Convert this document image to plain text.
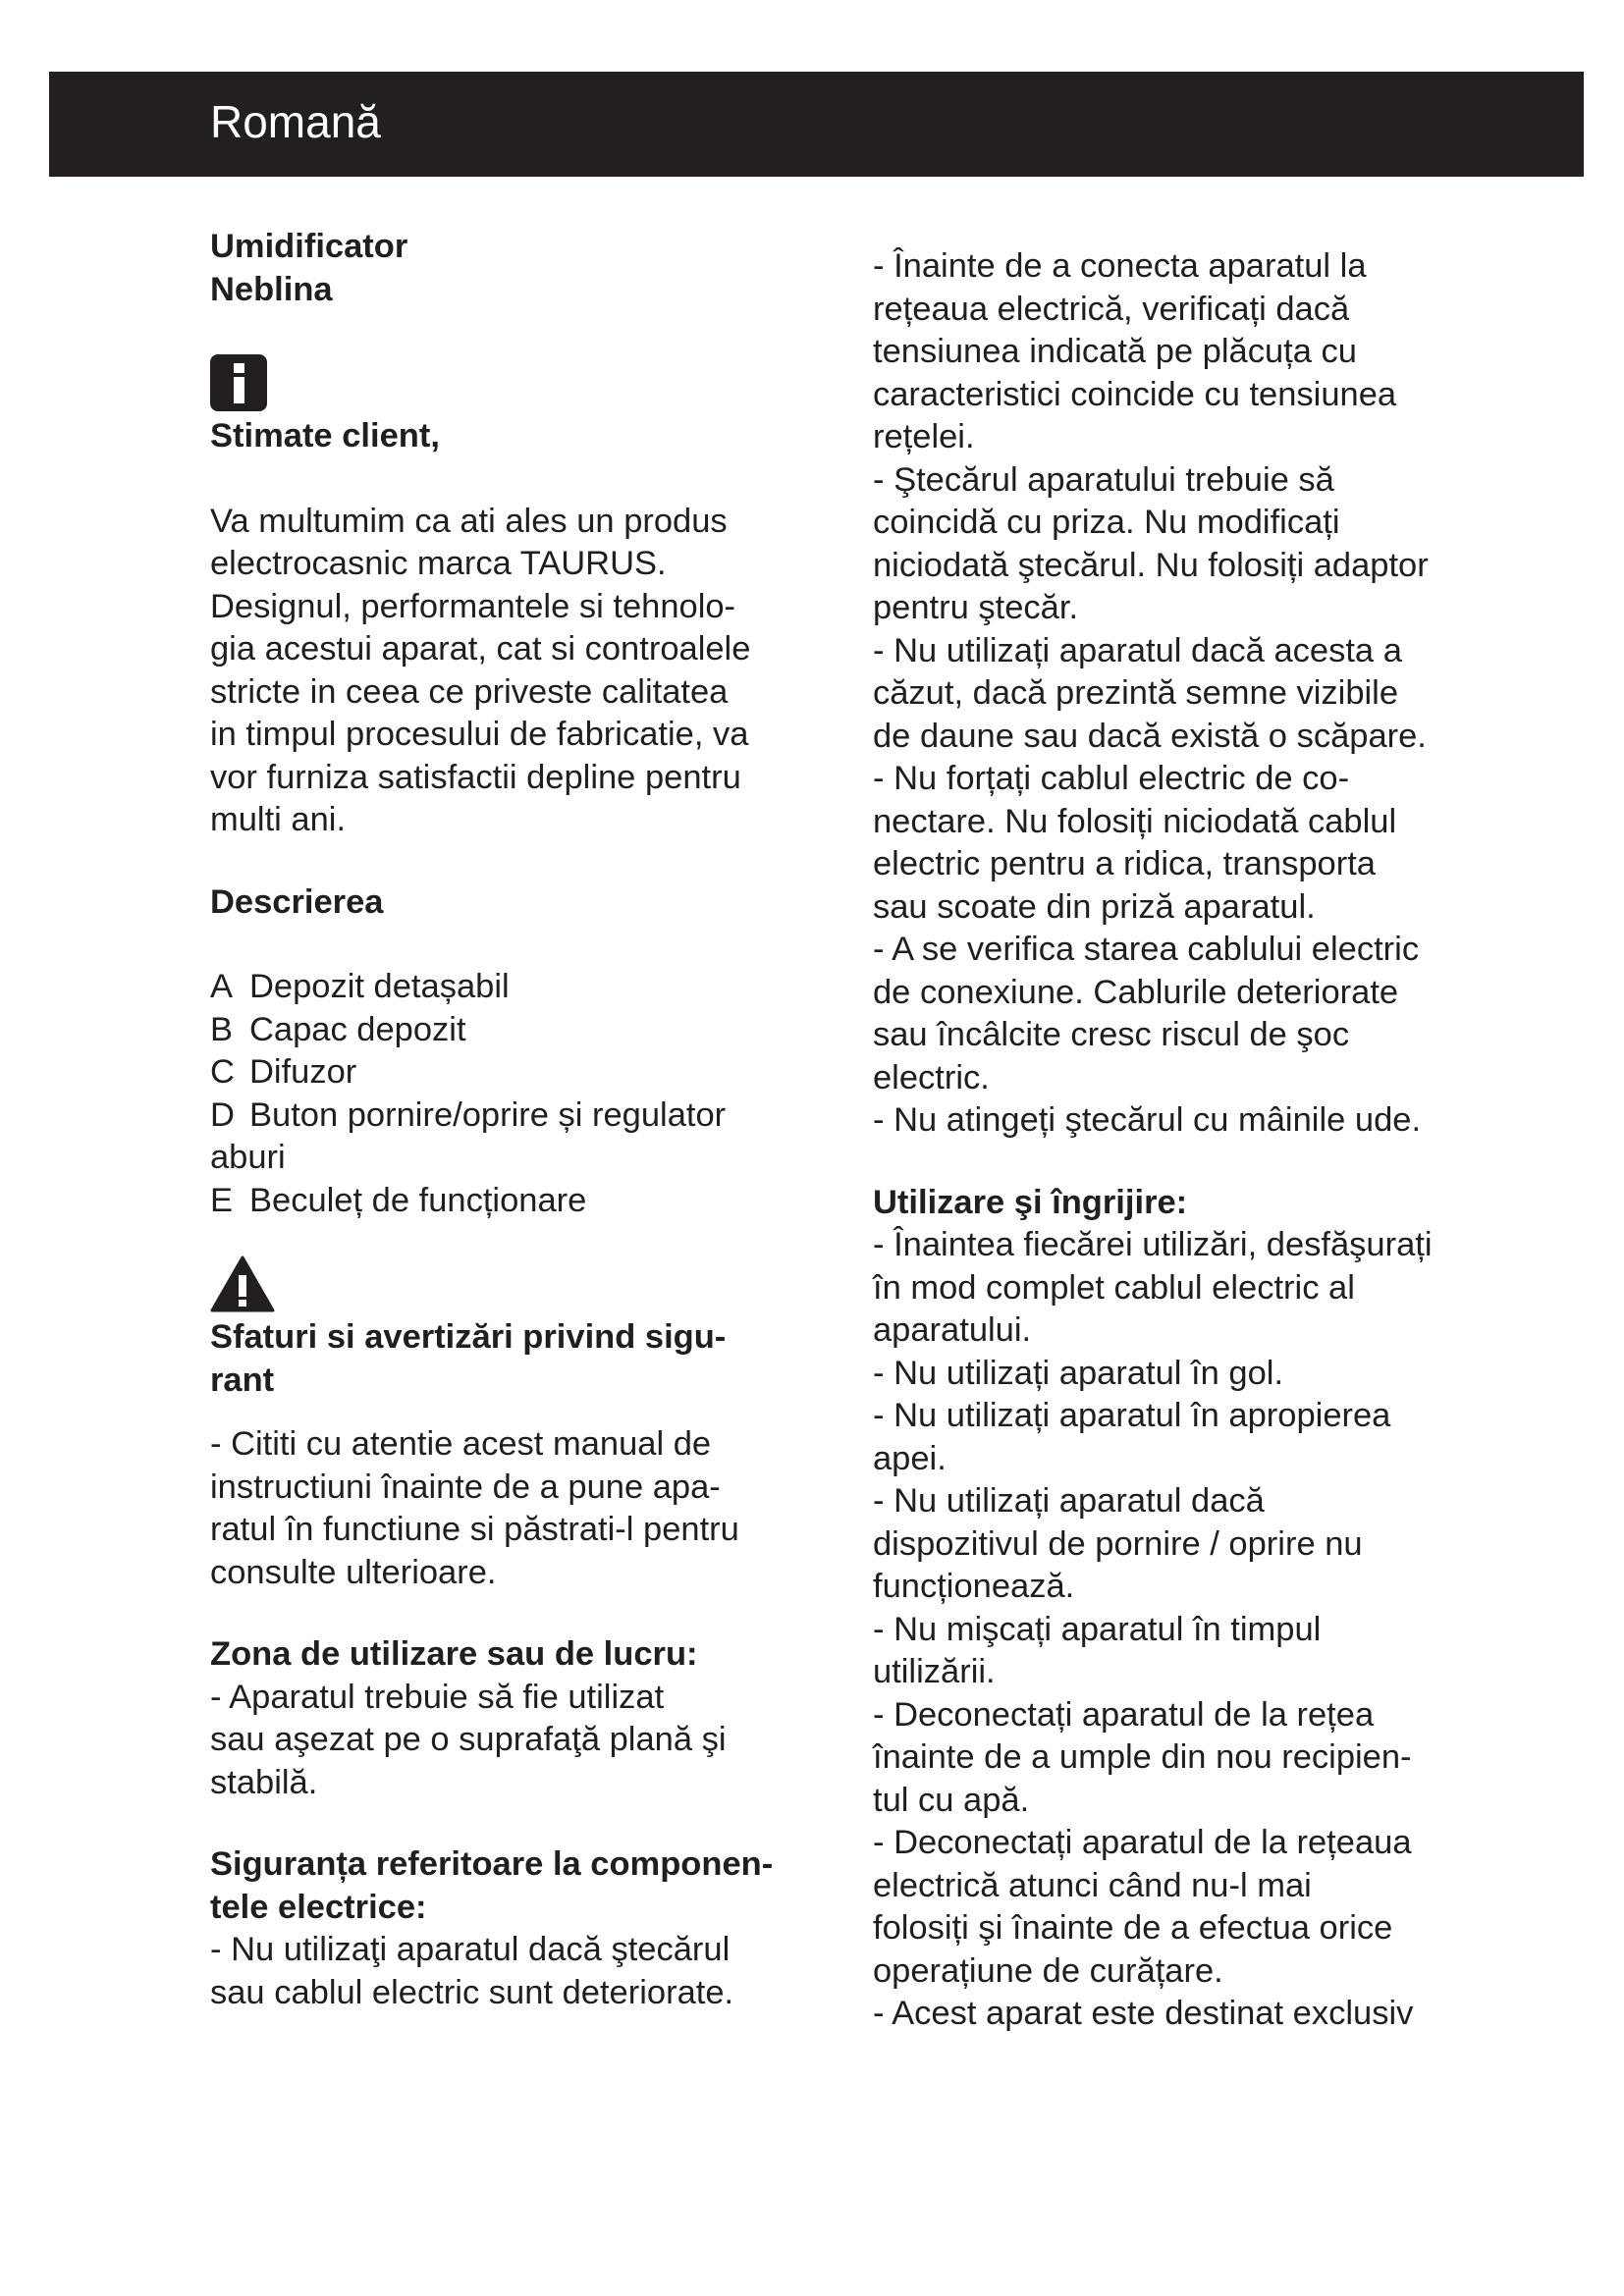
Romană

Umidificator

Neblina

Stimate client,

Va multumim ca ati ales un produs

electrocasnic marca TAURUS.

Designul, performantele si tehnolo-

gia acestui aparat, cat si controalele

stricte in ceea ce priveste calitatea

in timpul procesului de fabricatie, va

vor furniza satisfactii depline pentru

multi ani.

Descrierea

A Depozit detașabil

B Capac depozit

C Difuzor

D Buton pornire/oprire și regulator

aburi

E Beculeț de funcționare

Sfaturi si avertizări privind sigu-

rant

- Cititi cu atentie acest manual de

instructiuni înainte de a pune apa-

ratul în functiune si păstrati-l pentru

consulte ulterioare.

Zona de utilizare sau de lucru:

- Aparatul trebuie să fie utilizat

sau aşezat pe o suprafaţă plană şi

stabilă.

Siguranța referitoare la componen-

tele electrice:

- Nu utilizaţi aparatul dacă ştecărul

sau cablul electric sunt deteriorate.

- Înainte de a conecta aparatul la

rețeaua electrică, verificați dacă

tensiunea indicată pe plăcuța cu

caracteristici coincide cu tensiunea

rețelei.

- Ştecărul aparatului trebuie să

coincidă cu priza. Nu modificați

niciodată ştecărul. Nu folosiți adaptor

pentru ştecăr.

- Nu utilizați aparatul dacă acesta a

căzut, dacă prezintă semne vizibile

de daune sau dacă există o scăpare.

- Nu forțați cablul electric de co-

nectare. Nu folosiți niciodată cablul

electric pentru a ridica, transporta

sau scoate din priză aparatul.

- A se verifica starea cablului electric

de conexiune. Cablurile deteriorate

sau încâlcite cresc riscul de şoc

electric.

- Nu atingeți ştecărul cu mâinile ude.

Utilizare şi îngrijire:

- Înaintea fiecărei utilizări, desfăşurați

în mod complet cablul electric al

aparatului.

- Nu utilizați aparatul în gol.

- Nu utilizați aparatul în apropierea

apei.

- Nu utilizați aparatul dacă

dispozitivul de pornire / oprire nu

funcționează.

- Nu mişcați aparatul în timpul

utilizării.

- Deconectați aparatul de la rețea

înainte de a umple din nou recipien-

tul cu apă.

- Deconectați aparatul de la rețeaua

electrică atunci când nu-l mai

folosiți şi înainte de a efectua orice

operațiune de curățare.

- Acest aparat este destinat exclusiv
